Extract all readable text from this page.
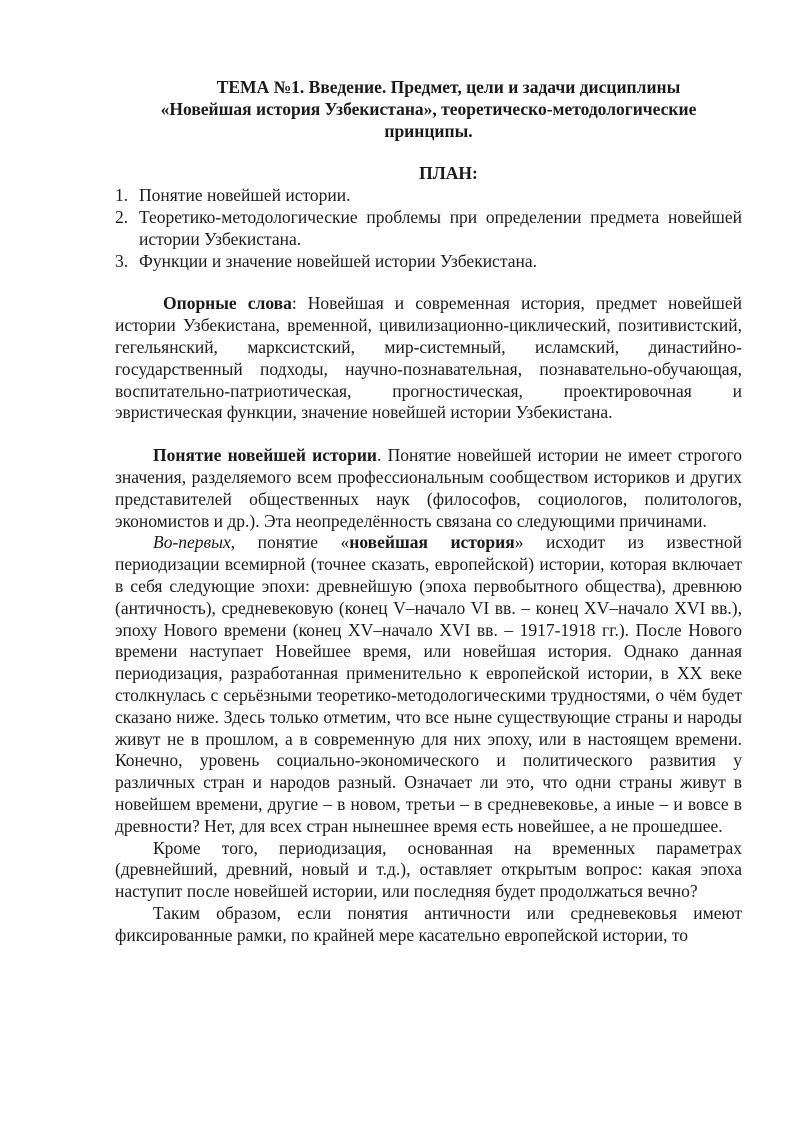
ТЕМА №1. Введение. Предмет, цели и задачи дисциплины
«Новейшая история Узбекистана», теоретическо-методологические
принципы.
ПЛАН:
1. Понятие новейшей истории.
2. Теоретико-методологические проблемы при определении предмета новейшей истории Узбекистана.
3. Функции и значение новейшей истории Узбекистана.

Опорные слова: Новейшая и современная история, предмет новейшей истории Узбекистана, временной, цивилизационно-циклический, позитивистский, гегельянский, марксистский, мир-системный, исламский, династийно-государственный подходы, научно-познавательная, познавательно-обучающая, воспитательно-патриотическая, прогностическая, проектировочная и эвристическая функции, значение новейшей истории Узбекистана.

Понятие новейшей истории. Понятие новейшей истории не имеет строгого значения, разделяемого всем профессиональным сообществом историков и других представителей общественных наук (философов, социологов, политологов, экономистов и др.). Эта неопределённость связана со следующими причинами.

Во-первых, понятие «новейшая история» исходит из известной периодизации всемирной (точнее сказать, европейской) истории, которая включает в себя следующие эпохи: древнейшую (эпоха первобытного общества), древнюю (античность), средневековую (конец V–начало VI вв. – конец XV–начало XVI вв.), эпоху Нового времени (конец XV–начало XVI вв. – 1917-1918 гг.). После Нового времени наступает Новейшее время, или новейшая история. Однако данная периодизация, разработанная применительно к европейской истории, в XX веке столкнулась с серьёзными теоретико-методологическими трудностями, о чём будет сказано ниже. Здесь только отметим, что все ныне существующие страны и народы живут не в прошлом, а в современную для них эпоху, или в настоящем времени. Конечно, уровень социально-экономического и политического развития у различных стран и народов разный. Означает ли это, что одни страны живут в новейшем времени, другие – в новом, третьи – в средневековье, а иные – и вовсе в древности? Нет, для всех стран нынешнее время есть новейшее, а не прошедшее.

Кроме того, периодизация, основанная на временных параметрах (древнейший, древний, новый и т.д.), оставляет открытым вопрос: какая эпоха наступит после новейшей истории, или последняя будет продолжаться вечно?

Таким образом, если понятия античности или средневековья имеют фиксированные рамки, по крайней мере касательно европейской истории, то
